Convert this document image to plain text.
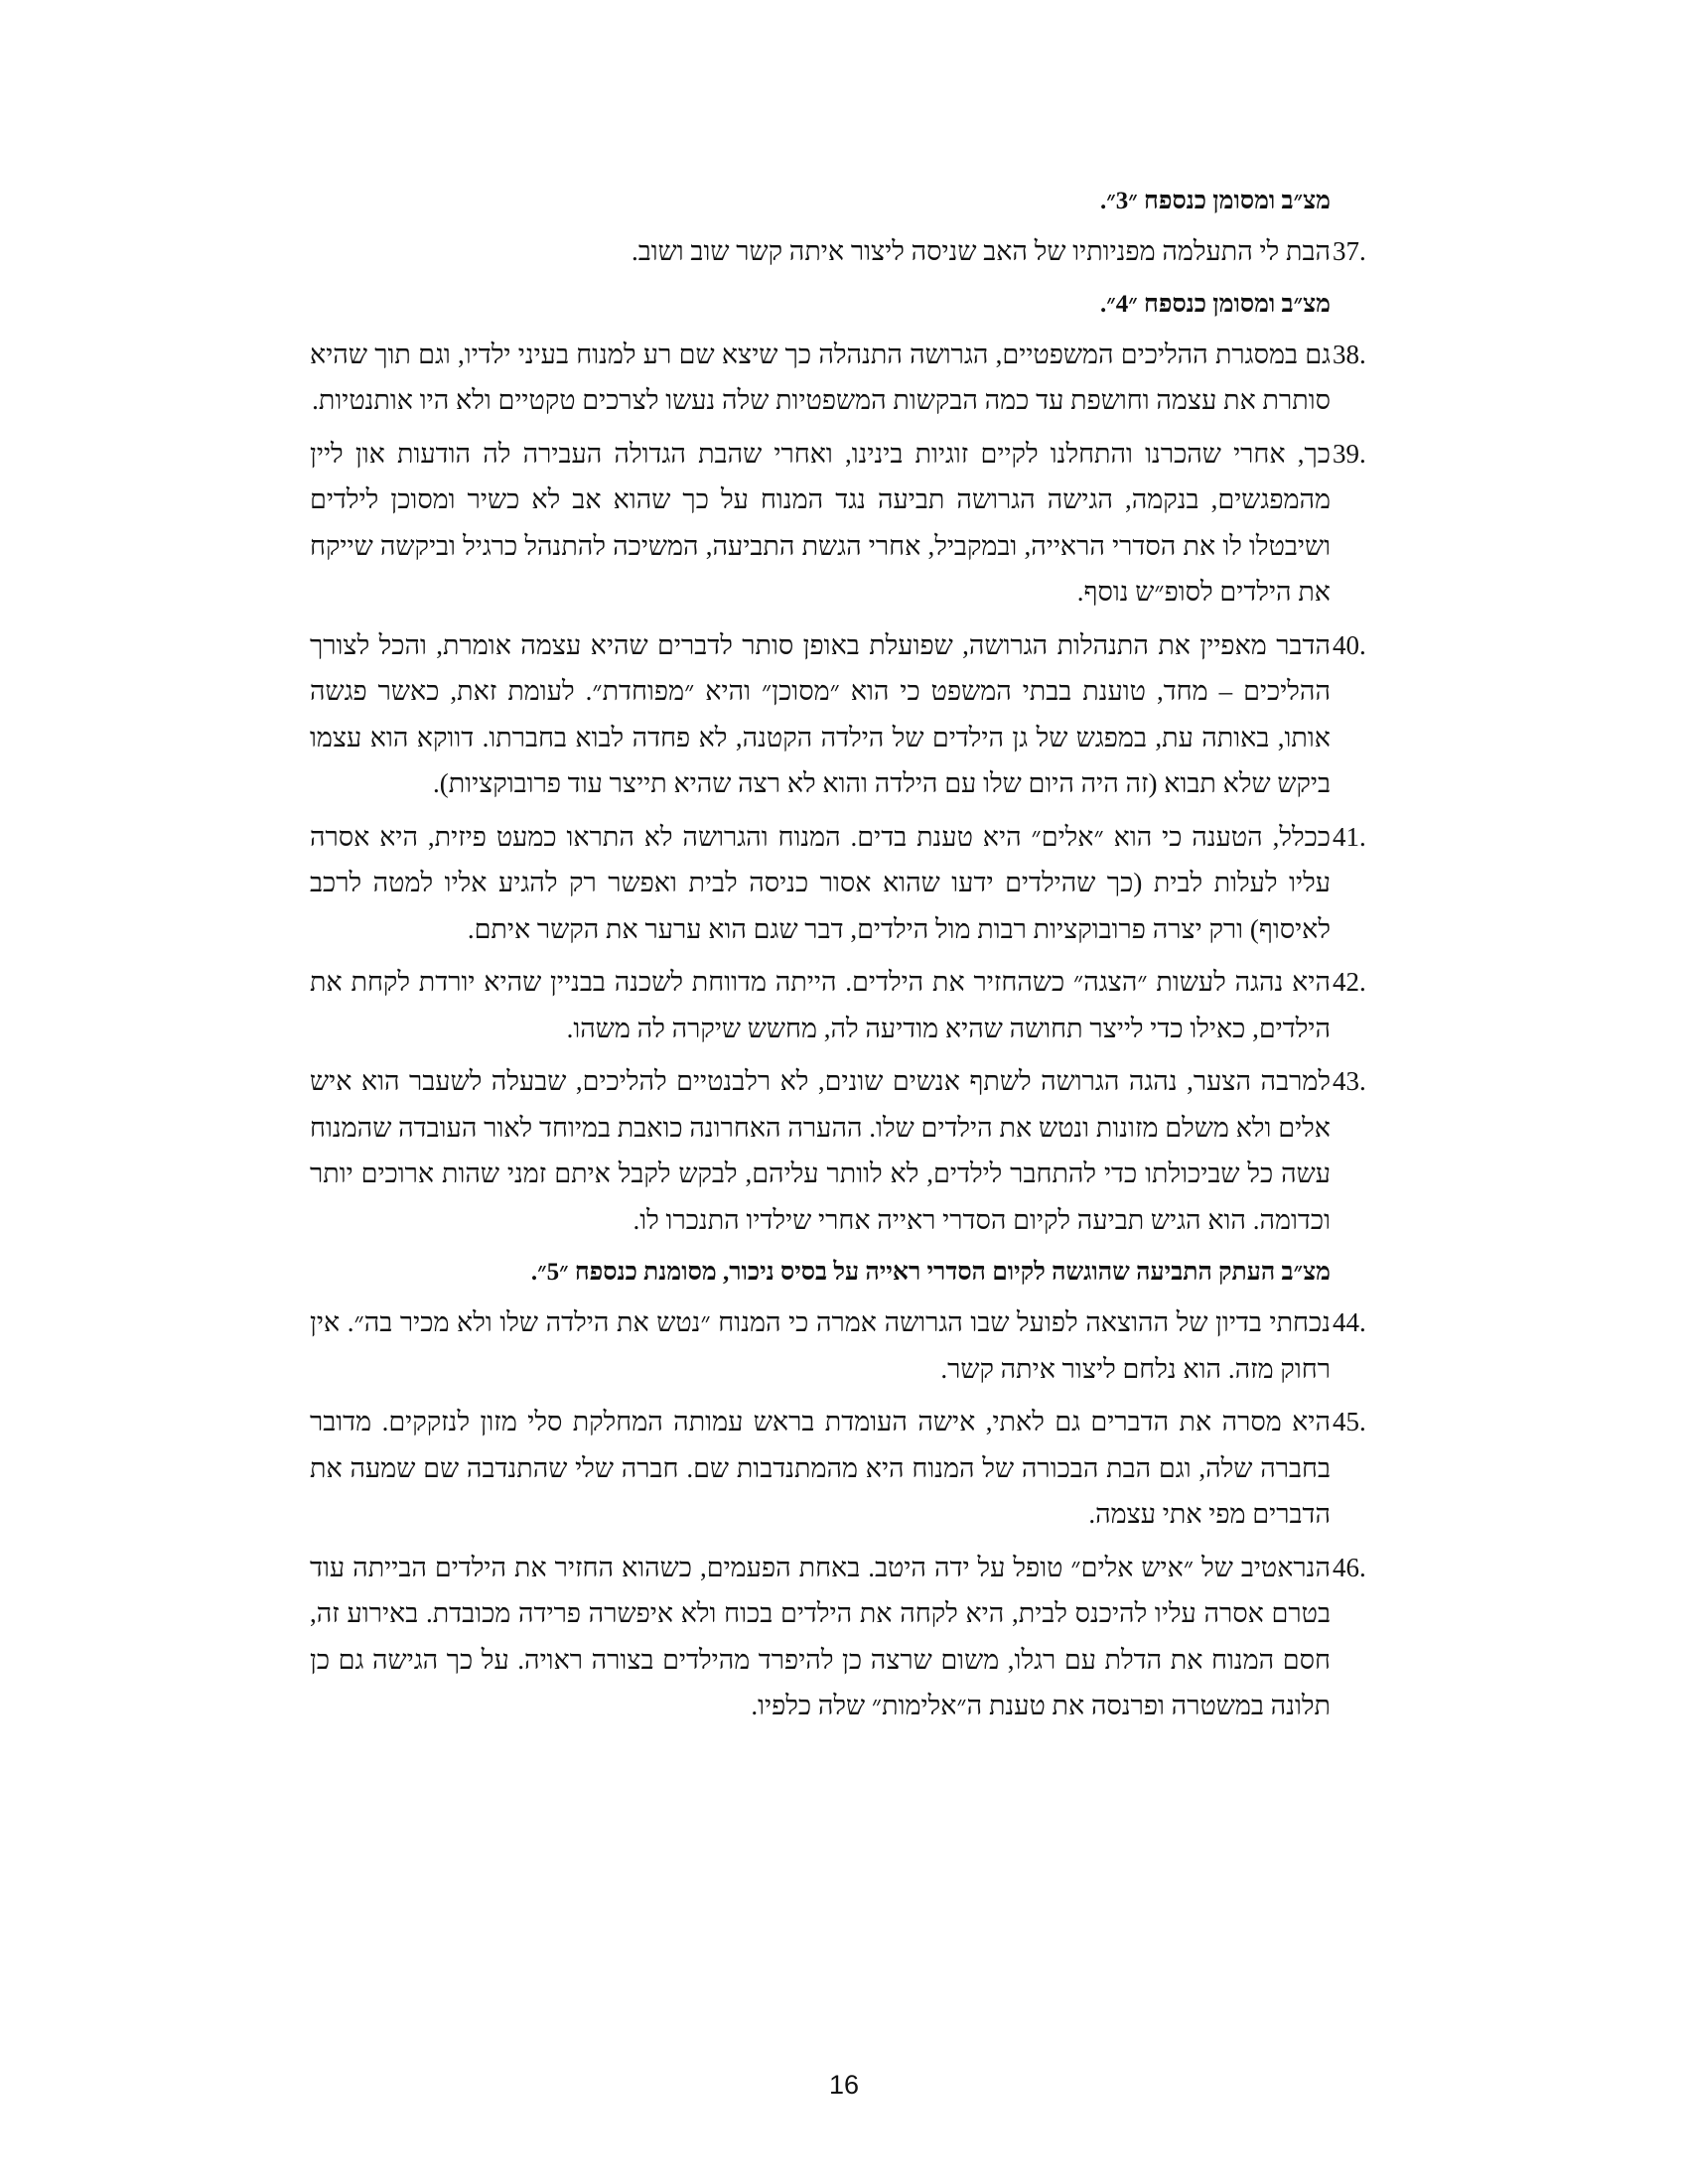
מצ״ב ומסומן כנספח ״3״.

37.
הבת לי התעלמה מפניותיו של האב שניסה ליצור איתה קשר שוב ושוב.

מצ״ב ומסומן כנספח ״4״.

38.
גם במסגרת ההליכים המשפטיים, הגרושה התנהלה כך שיצא שם רע למנוח בעיני ילדיו, וגם תוך שהיא סותרת את עצמה וחושפת עד כמה הבקשות המשפטיות שלה נעשו לצרכים טקטיים ולא היו אותנטיות.
39.
כך, אחרי שהכרנו והתחלנו לקיים זוגיות בינינו, ואחרי שהבת הגדולה העבירה לה הודעות און ליין מהמפגשים, בנקמה, הגישה הגרושה תביעה נגד המנוח על כך שהוא אב לא כשיר ומסוכן לילדים ושיבטלו לו את הסדרי הראייה, ובמקביל, אחרי הגשת התביעה, המשיכה להתנהל כרגיל וביקשה שייקח את הילדים לסופ״ש נוסף.
40.
הדבר מאפיין את התנהלות הגרושה, שפועלת באופן סותר לדברים שהיא עצמה אומרת, והכל לצורך ההליכים – מחד, טוענת בבתי המשפט כי הוא ״מסוכן״ והיא ״מפוחדת״. לעומת זאת, כאשר פגשה אותו, באותה עת, במפגש של גן הילדים של הילדה הקטנה, לא פחדה לבוא בחברתו. דווקא הוא עצמו ביקש שלא תבוא (זה היה היום שלו עם הילדה והוא לא רצה שהיא תייצר עוד פרובוקציות).
41.
ככלל, הטענה כי הוא ״אלים״ היא טענת בדים. המנוח והגרושה לא התראו כמעט פיזית, היא אסרה עליו לעלות לבית (כך שהילדים ידעו שהוא אסור כניסה לבית ואפשר רק להגיע אליו למטה לרכב לאיסוף) ורק יצרה פרובוקציות רבות מול הילדים, דבר שגם הוא ערער את הקשר איתם.
42.
היא נהגה לעשות ״הצגה״ כשהחזיר את הילדים. הייתה מדווחת לשכנה בבניין שהיא יורדת לקחת את הילדים, כאילו כדי לייצר תחושה שהיא מודיעה לה, מחשש שיקרה לה משהו.
43.
למרבה הצער, נהגה הגרושה לשתף אנשים שונים, לא רלבנטיים להליכים, שבעלה לשעבר הוא איש אלים ולא משלם מזונות ונטש את הילדים שלו. ההערה האחרונה כואבת במיוחד לאור העובדה שהמנוח עשה כל שביכולתו כדי להתחבר לילדים, לא לוותר עליהם, לבקש לקבל איתם זמני שהות ארוכים יותר וכדומה. הוא הגיש תביעה לקיום הסדרי ראייה אחרי שילדיו התנכרו לו.

מצ״ב העתק התביעה שהוגשה לקיום הסדרי ראייה על בסיס ניכור, מסומנת כנספח ״5״.

44.
נכחתי בדיון של ההוצאה לפועל שבו הגרושה אמרה כי המנוח ״נטש את הילדה שלו ולא מכיר בה״. אין רחוק מזה. הוא נלחם ליצור איתה קשר.
45.
היא מסרה את הדברים גם לאתי, אישה העומדת בראש עמותה המחלקת סלי מזון לנזקקים. מדובר בחברה שלה, וגם הבת הבכורה של המנוח היא מהמתנדבות שם. חברה שלי שהתנדבה שם שמעה את הדברים מפי אתי עצמה.
46.
הנראטיב של ״איש אלים״ טופל על ידה היטב. באחת הפעמים, כשהוא החזיר את הילדים הבייתה עוד בטרם אסרה עליו להיכנס לבית, היא לקחה את הילדים בכוח ולא איפשרה פרידה מכובדת. באירוע זה, חסם המנוח את הדלת עם רגלו, משום שרצה כן להיפרד מהילדים בצורה ראויה. על כך הגישה גם כן תלונה במשטרה ופרנסה את טענת ה״אלימות״ שלה כלפיו.
16
